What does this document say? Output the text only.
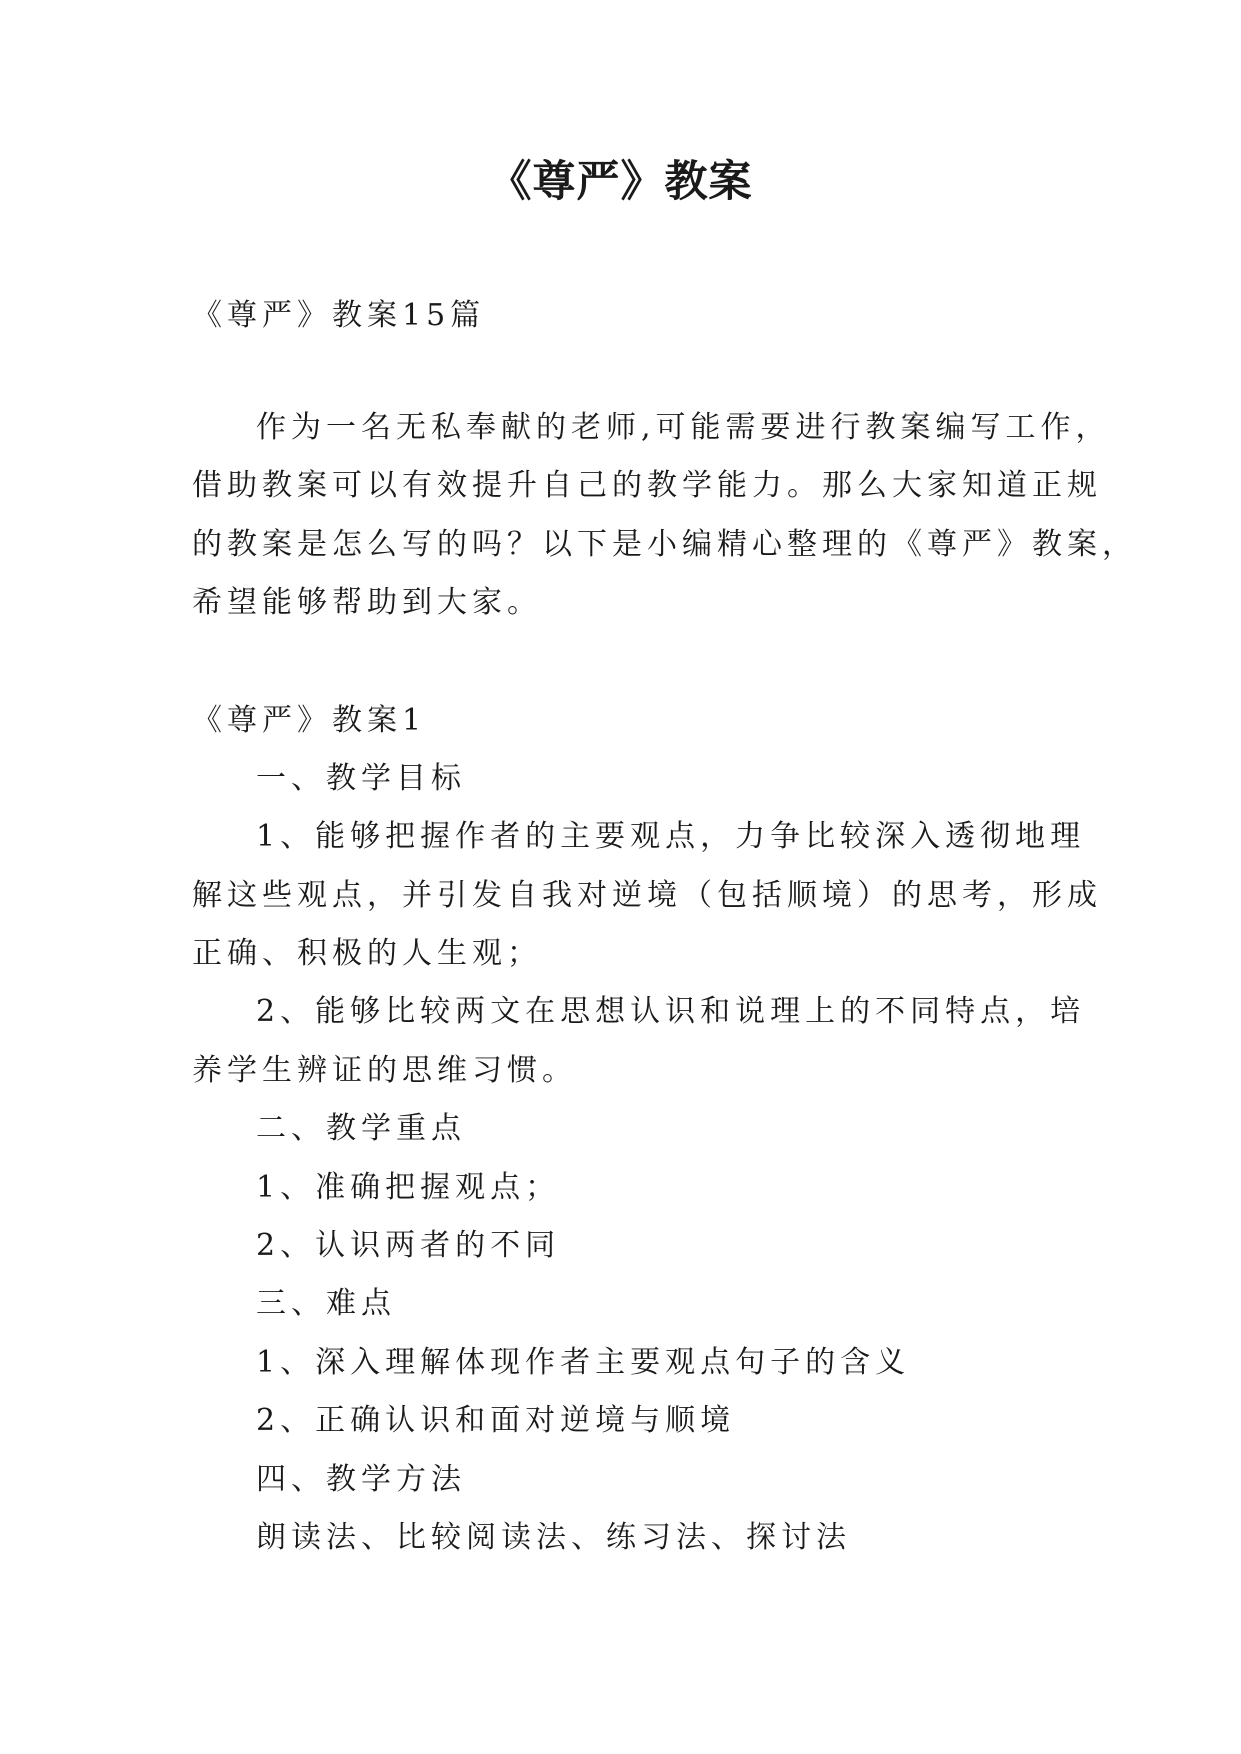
《尊严》教案
《尊严》教案15篇
作为一名无私奉献的老师,可能需要进行教案编写工作，
借助教案可以有效提升自己的教学能力。那么大家知道正规
的教案是怎么写的吗？以下是小编精心整理的《尊严》教案，
希望能够帮助到大家。
《尊严》教案1
一、教学目标
1、能够把握作者的主要观点，力争比较深入透彻地理
解这些观点，并引发自我对逆境（包括顺境）的思考，形成
正确、积极的人生观；
2、能够比较两文在思想认识和说理上的不同特点，培
养学生辨证的思维习惯。
二、教学重点
1、准确把握观点；
2、认识两者的不同
三、难点
1、深入理解体现作者主要观点句子的含义
2、正确认识和面对逆境与顺境
四、教学方法
朗读法、比较阅读法、练习法、探讨法
